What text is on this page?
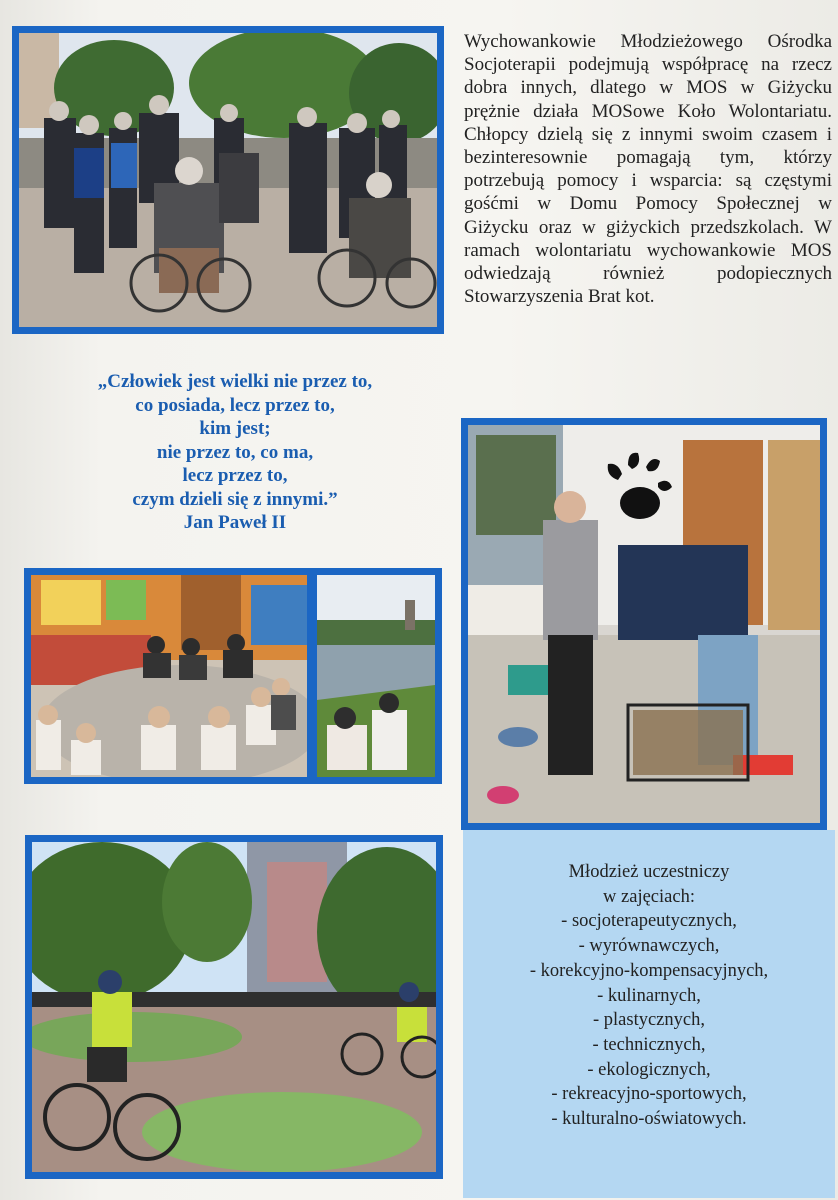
Wychowankowie Młodzieżowego Ośrodka Socjoterapii podejmują współpracę na rzecz dobra innych, dlatego w MOS w Giżycku prężnie działa MOSowe Koło Wolontariatu. Chłopcy dzielą się z innymi swoim czasem i bezinteresownie pomagają tym, którzy potrzebują pomocy i wsparcia: są częstymi gośćmi w Domu Pomocy Społecznej w Giżycku oraz w giżyckich przedszkolach. W ramach wolontariatu wychowankowie MOS odwiedzają również podopiecznych Stowarzyszenia Brat kot.

„Człowiek jest wielki nie przez to,
co posiada, lecz przez to,
kim jest;
nie przez to, co ma,
lecz przez to,
czym dzieli się z innymi.”
Jan Paweł II
Młodzież uczestniczy
w zajęciach:
- socjoterapeutycznych,
- wyrównawczych,
- korekcyjno-kompensacyjnych,
- kulinarnych,
- plastycznych,
- technicznych,
- ekologicznych,
- rekreacyjno-sportowych,
- kulturalno-oświatowych.
